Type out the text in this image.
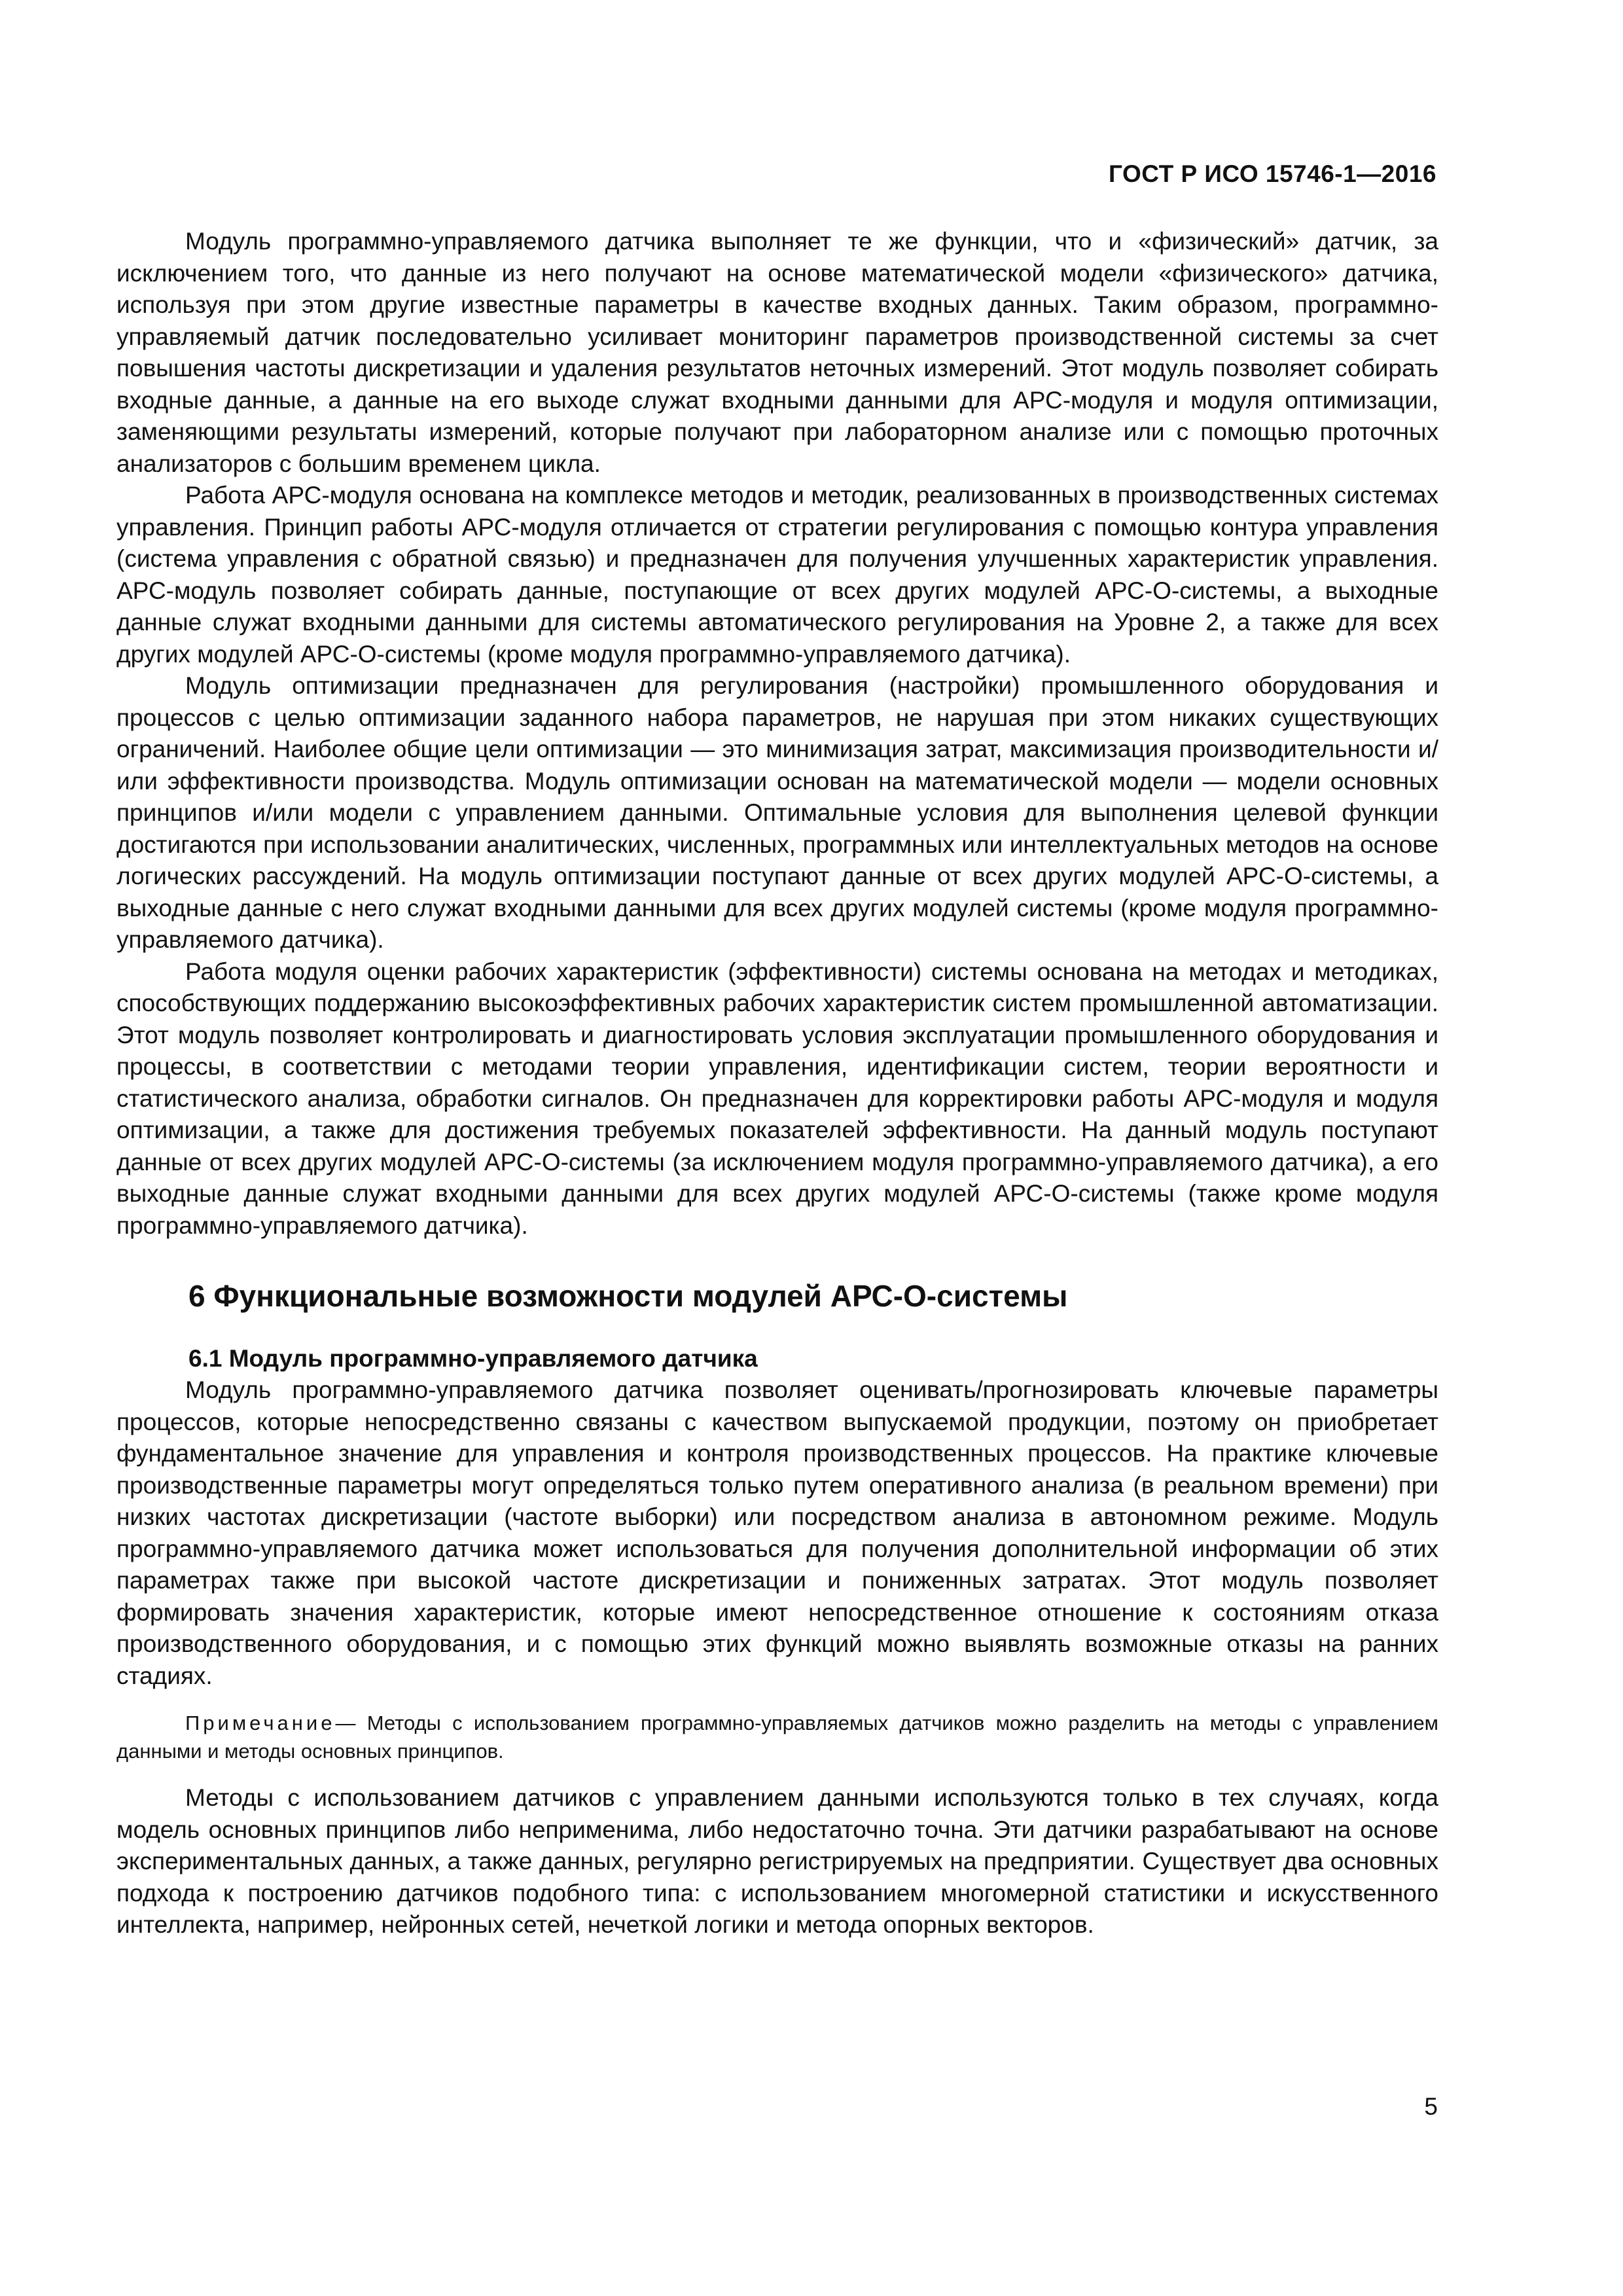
ГОСТ Р ИСО 15746-1—2016

Модуль программно-управляемого датчика выполняет те же функции, что и «физический» датчик, за исключением того, что данные из него получают на основе математической модели «физического» датчика, используя при этом другие известные параметры в качестве входных данных. Таким образом, программно-управляемый датчик последовательно усиливает мониторинг параметров производственной системы за счет повышения частоты дискретизации и удаления результатов неточных измерений. Этот модуль позволяет собирать входные данные, а данные на его выходе служат входными данными для АРС-модуля и модуля оптимизации, заменяющими результаты измерений, которые получают при лабораторном анализе или с помощью проточных анализаторов с большим временем цикла.

Работа АРС-модуля основана на комплексе методов и методик, реализованных в производственных системах управления. Принцип работы АРС-модуля отличается от стратегии регулирования с помощью контура управления (система управления с обратной связью) и предназначен для получения улучшенных характеристик управления. АРС-модуль позволяет собирать данные, поступающие от всех других модулей АРС-О-системы, а выходные данные служат входными данными для системы автоматического регулирования на Уровне 2, а также для всех других модулей АРС-О-системы (кроме модуля программно-управляемого датчика).

Модуль оптимизации предназначен для регулирования (настройки) промышленного оборудования и процессов с целью оптимизации заданного набора параметров, не нарушая при этом никаких существующих ограничений. Наиболее общие цели оптимизации — это минимизация затрат, максимизация производительности и/или эффективности производства. Модуль оптимизации основан на математической модели — модели основных принципов и/или модели с управлением данными. Оптимальные условия для выполнения целевой функции достигаются при использовании аналитических, численных, программных или интеллектуальных методов на основе логических рассуждений. На модуль оптимизации поступают данные от всех других модулей АРС-О-системы, а выходные данные с него служат входными данными для всех других модулей системы (кроме модуля программно-управляемого датчика).

Работа модуля оценки рабочих характеристик (эффективности) системы основана на методах и методиках, способствующих поддержанию высокоэффективных рабочих характеристик систем промышленной автоматизации. Этот модуль позволяет контролировать и диагностировать условия эксплуатации промышленного оборудования и процессы, в соответствии с методами теории управления, идентификации систем, теории вероятности и статистического анализа, обработки сигналов. Он предназначен для корректировки работы АРС-модуля и модуля оптимизации, а также для достижения требуемых показателей эффективности. На данный модуль поступают данные от всех других модулей АРС-О-системы (за исключением модуля программно-управляемого датчика), а его выходные данные служат входными данными для всех других модулей АРС-О-системы (также кроме модуля программно-управляемого датчика).

6 Функциональные возможности модулей АРС-О-системы
6.1 Модуль программно-управляемого датчика

Модуль программно-управляемого датчика позволяет оценивать/прогнозировать ключевые параметры процессов, которые непосредственно связаны с качеством выпускаемой продукции, поэтому он приобретает фундаментальное значение для управления и контроля производственных процессов. На практике ключевые производственные параметры могут определяться только путем оперативного анализа (в реальном времени) при низких частотах дискретизации (частоте выборки) или посредством анализа в автономном режиме. Модуль программно-управляемого датчика может использоваться для получения дополнительной информации об этих параметрах также при высокой частоте дискретизации и пониженных затратах. Этот модуль позволяет формировать значения характеристик, которые имеют непосредственное отношение к состояниям отказа производственного оборудования, и с помощью этих функций можно выявлять возможные отказы на ранних стадиях.

Примечание— Методы с использованием программно-управляемых датчиков можно разделить на методы с управлением данными и методы основных принципов.

Методы с использованием датчиков с управлением данными используются только в тех случаях, когда модель основных принципов либо неприменима, либо недостаточно точна. Эти датчики разрабатывают на основе экспериментальных данных, а также данных, регулярно регистрируемых на предприятии. Существует два основных подхода к построению датчиков подобного типа: с использованием многомерной статистики и искусственного интеллекта, например, нейронных сетей, нечеткой логики и метода опорных векторов.

5
